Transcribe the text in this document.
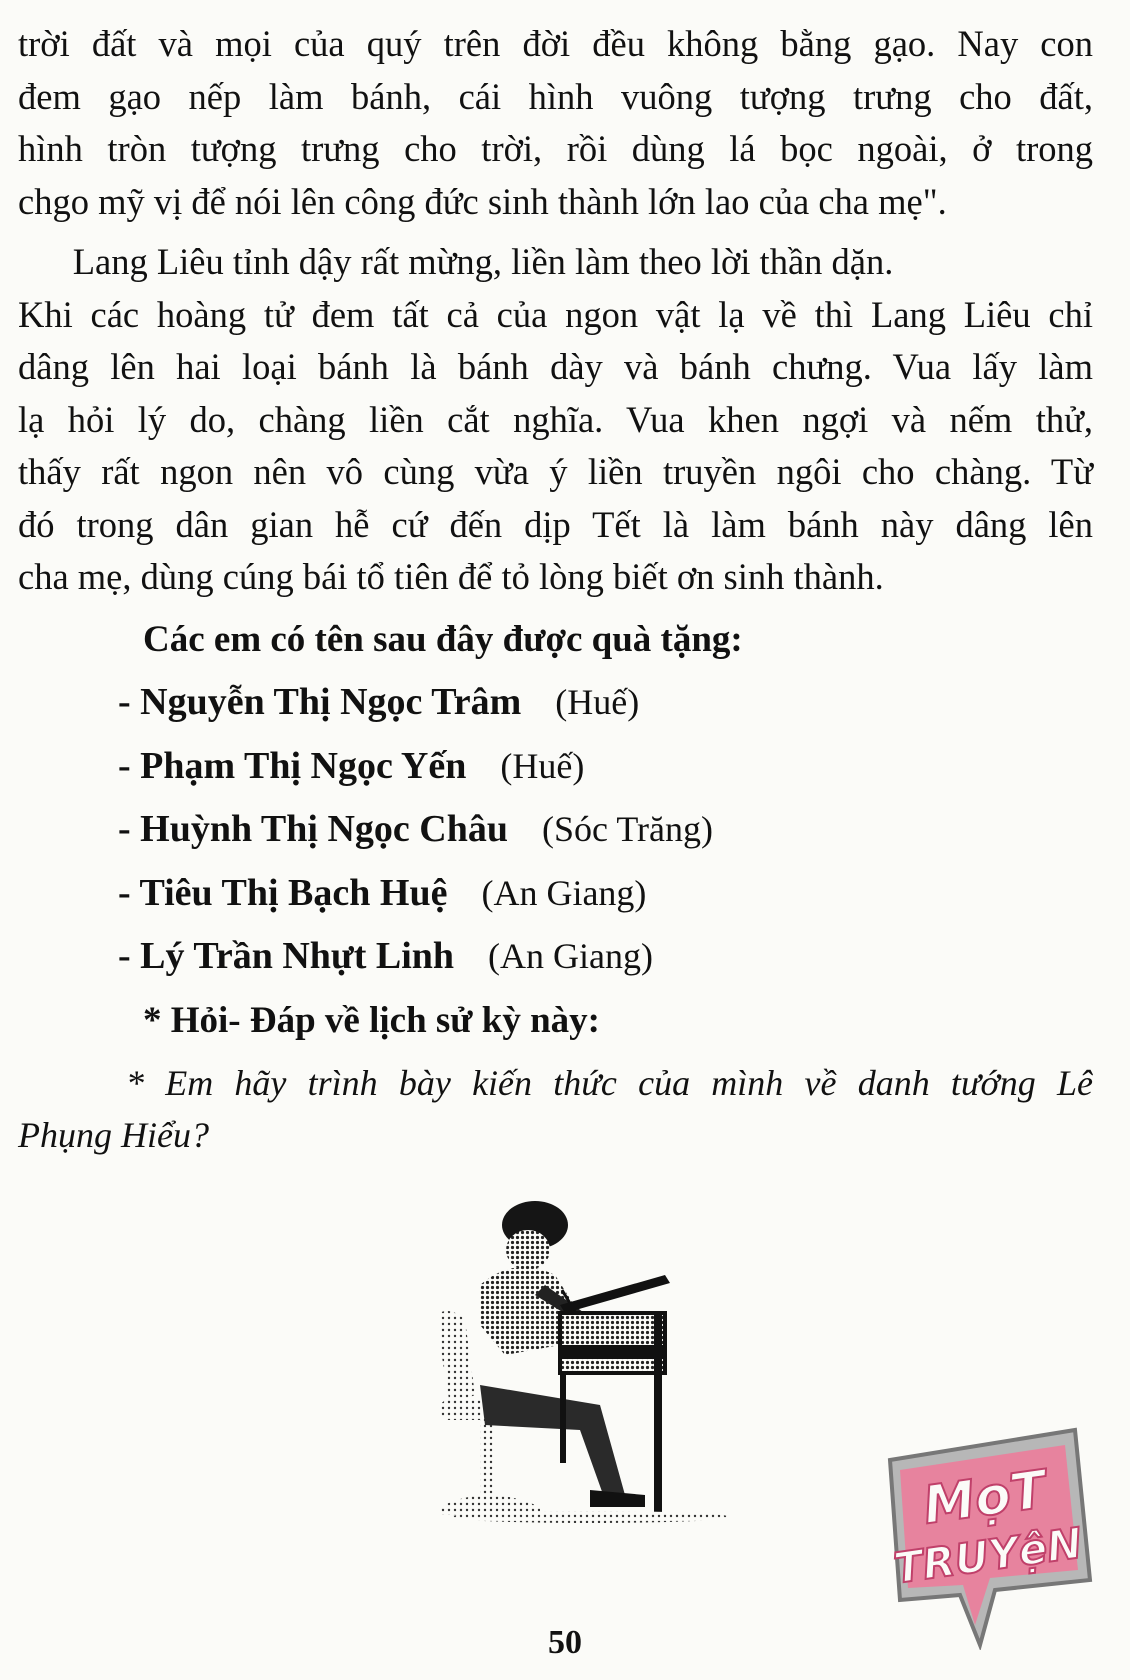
trời đất và mọi của quý trên đời đều không bằng gạo. Nay con
đem gạo nếp làm bánh, cái hình vuông tượng trưng cho đất,
hình tròn tượng trưng cho trời, rồi dùng lá bọc ngoài, ở trong
chgo mỹ vị để nói lên công đức sinh thành lớn lao của cha mẹ".

Lang Liêu tỉnh dậy rất mừng, liền làm theo lời thần dặn.
Khi các hoàng tử đem tất cả của ngon vật lạ về thì Lang Liêu chỉ
dâng lên hai loại bánh là bánh dày và bánh chưng. Vua lấy làm
lạ hỏi lý do, chàng liền cắt nghĩa. Vua khen ngợi và nếm thử,
thấy rất ngon nên vô cùng vừa ý liền truyền ngôi cho chàng. Từ
đó trong dân gian hễ cứ đến dịp Tết là làm bánh này dâng lên
cha mẹ, dùng cúng bái tổ tiên để tỏ lòng biết ơn sinh thành.

Các em có tên sau đây được quà tặng:

- Nguyễn Thị Ngọc Trâm (Huế)
- Phạm Thị Ngọc Yến (Huế)
- Huỳnh Thị Ngọc Châu (Sóc Trăng)
- Tiêu Thị Bạch Huệ (An Giang)
- Lý Trần Nhựt Linh (An Giang)

* Hỏi- Đáp về lịch sử kỳ này:

* Em hãy trình bày kiến thức của mình về danh tướng Lê
Phụng Hiểu?

MọT
TRUYệN

50
